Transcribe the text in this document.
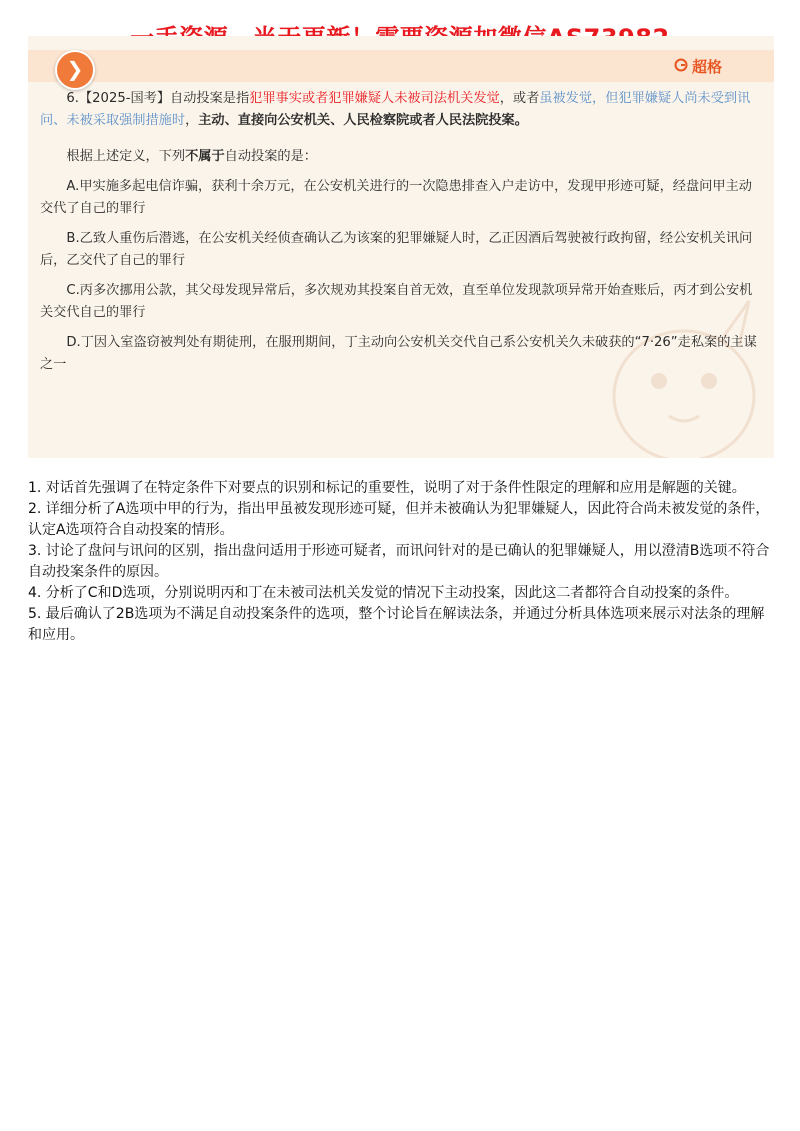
❯	超格

6.【2025-国考】自动投案是指犯罪事实或者犯罪嫌疑人未被司法机关发觉，或者虽被发觉，但犯罪嫌疑人尚未受到讯问、未被采取强制措施时，主动、直接向公安机关、人民检察院或者人民法院投案。

根据上述定义，下列不属于自动投案的是：

A.甲实施多起电信诈骗，获利十余万元，在公安机关进行的一次隐患排查入户走访中，发现甲形迹可疑，经盘问甲主动交代了自己的罪行

B.乙致人重伤后潜逃，在公安机关经侦查确认乙为该案的犯罪嫌疑人时，乙正因酒后驾驶被行政拘留，经公安机关讯问后，乙交代了自己的罪行

C.丙多次挪用公款，其父母发现异常后，多次规劝其投案自首无效，直至单位发现款项异常开始查账后，丙才到公安机关交代自己的罪行

D.丁因入室盗窃被判处有期徒刑，在服刑期间，丁主动向公安机关交代自己系公安机关久未破获的“7·26”走私案的主谋之一

1. 对话首先强调了在特定条件下对要点的识别和标记的重要性，说明了对于条件性限定的理解和应用是解题的关键。
2. 详细分析了A选项中甲的行为，指出甲虽被发现形迹可疑，但并未被确认为犯罪嫌疑人，因此符合尚未被发觉的条件，认定A选项符合自动投案的情形。
3. 讨论了盘问与讯问的区别，指出盘问适用于形迹可疑者，而讯问针对的是已确认的犯罪嫌疑人，用以澄清B选项不符合自动投案条件的原因。
4. 分析了C和D选项，分别说明丙和丁在未被司法机关发觉的情况下主动投案，因此这二者都符合自动投案的条件。
5. 最后确认了2B选项为不满足自动投案条件的选项，整个讨论旨在解读法条，并通过分析具体选项来展示对法条的理解和应用。
